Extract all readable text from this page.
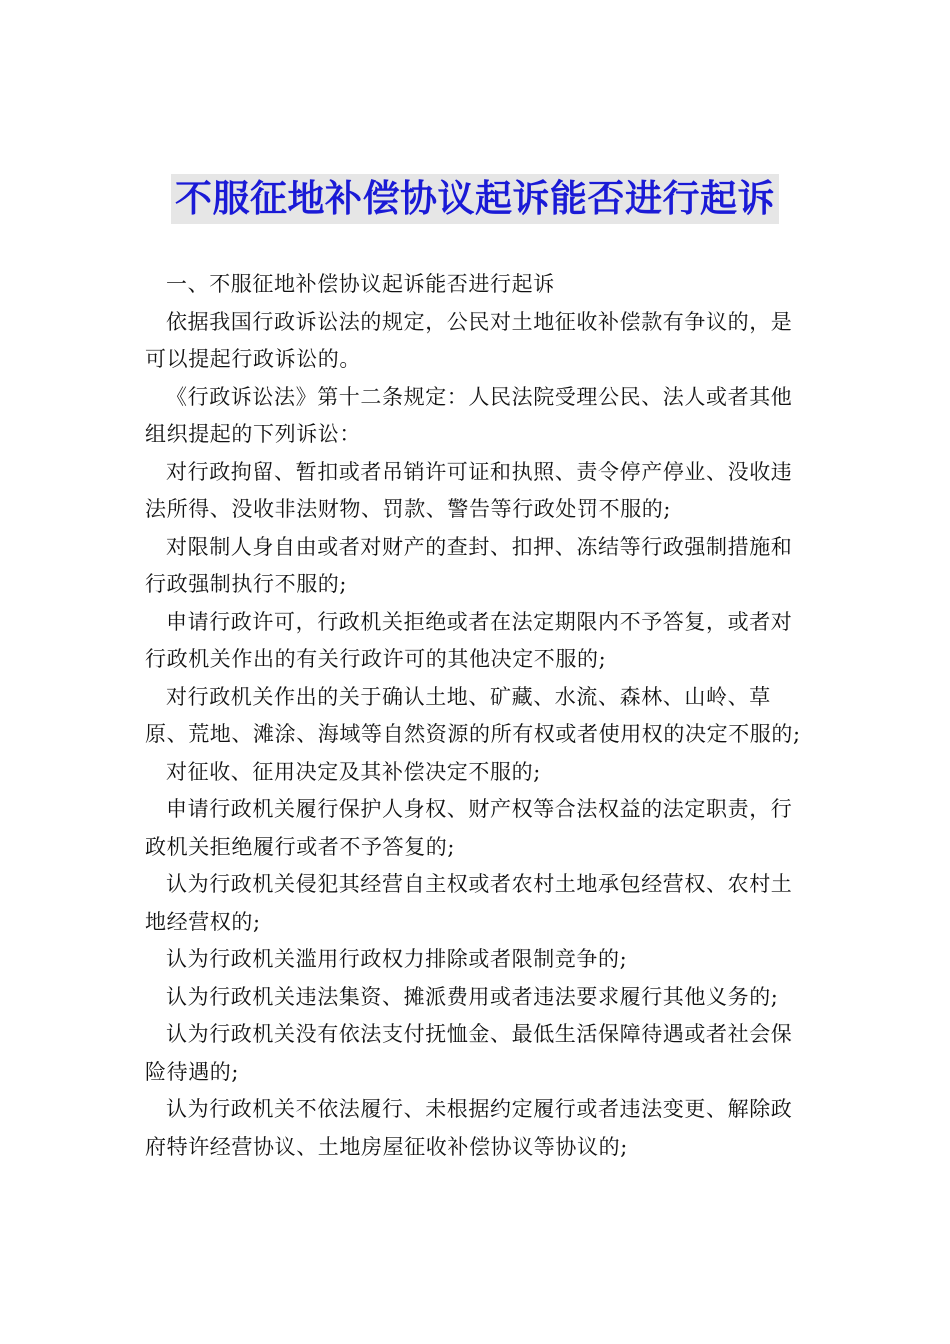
不服征地补偿协议起诉能否进行起诉

一、不服征地补偿协议起诉能否进行起诉

依据我国行政诉讼法的规定，公民对土地征收补偿款有争议的，是可以提起行政诉讼的。

《行政诉讼法》第十二条规定：人民法院受理公民、法人或者其他组织提起的下列诉讼：

对行政拘留、暂扣或者吊销许可证和执照、责令停产停业、没收违法所得、没收非法财物、罚款、警告等行政处罚不服的;

对限制人身自由或者对财产的查封、扣押、冻结等行政强制措施和行政强制执行不服的;

申请行政许可，行政机关拒绝或者在法定期限内不予答复，或者对行政机关作出的有关行政许可的其他决定不服的;

对行政机关作出的关于确认土地、矿藏、水流、森林、山岭、草原、荒地、滩涂、海域等自然资源的所有权或者使用权的决定不服的;

对征收、征用决定及其补偿决定不服的;

申请行政机关履行保护人身权、财产权等合法权益的法定职责，行政机关拒绝履行或者不予答复的;

认为行政机关侵犯其经营自主权或者农村土地承包经营权、农村土地经营权的;

认为行政机关滥用行政权力排除或者限制竞争的;

认为行政机关违法集资、摊派费用或者违法要求履行其他义务的;

认为行政机关没有依法支付抚恤金、最低生活保障待遇或者社会保险待遇的;

认为行政机关不依法履行、未根据约定履行或者违法变更、解除政府特许经营协议、土地房屋征收补偿协议等协议的;
